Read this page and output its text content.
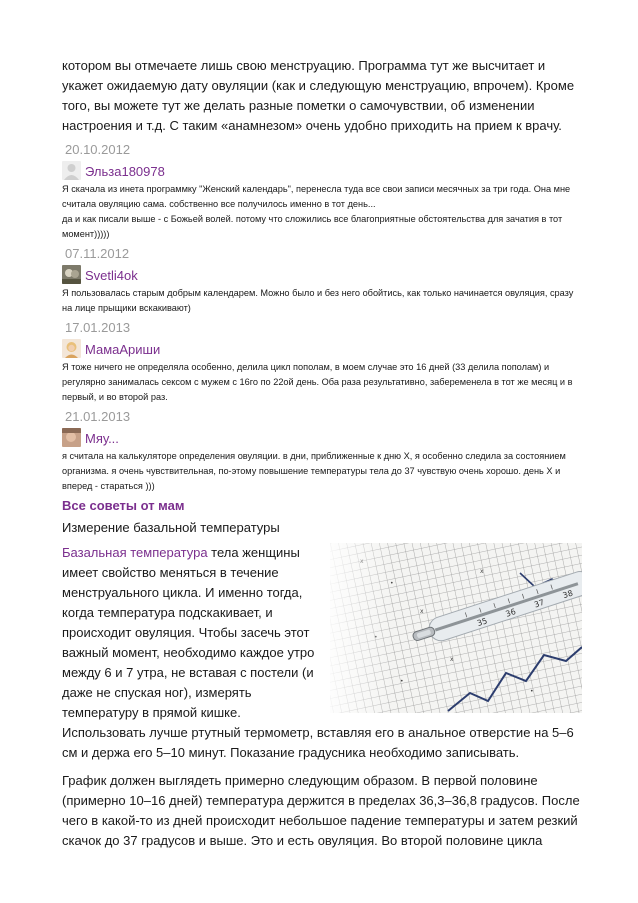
котором вы отмечаете лишь свою менструацию. Программа тут же высчитает и укажет ожидаемую дату овуляции (как и следующую менструацию, впрочем). Кроме того, вы можете тут же делать разные пометки о самочувствии, об изменении настроения и т.д. С таким «анамнезом» очень удобно приходить на прием к врачу.

20.10.2012
Эльза180978

Я скачала из инета программку "Женский календарь", перенесла туда все свои записи месячных за три года. Она мне считала овуляцию сама. собственно все получилось именно в тот день...

да и как писали выше - с Божьей волей. потому что сложились все благоприятные обстоятельства для зачатия в тот момент)))))

07.11.2012
Svetli4ok

Я пользовалась старым добрым календарем. Можно было и без него обойтись, как только начинается овуляция, сразу на лице прыщики вскакивают)

17.01.2013
МамаАриши

Я тоже ничего не определяла особенно, делила цикл пополам, в моем случае это 16 дней (33 делила пополам) и регулярно занималась сексом с мужем с 16го по 22ой день. Оба раза результативно, забеременела в тот же месяц и в первый, и во второй раз.

21.01.2013
Мяу...

я считала на калькуляторе определения овуляции. в дни, приближенные к дню Х, я особенно следила за состоянием организма. я очень чувствительная, по-этому повышение температуры тела до 37 чувствую очень хорошо. день Х и вперед - стараться )))

Все советы от мам
Измерение базальной температуры

Базальная температура тела женщины имеет свойство меняться в течение менструального цикла. И именно тогда, когда температура подскакивает, и происходит овуляция. Чтобы засечь этот важный момент, необходимо каждое утро между 6 и 7 утра, не вставая с постели (и даже не спуская ног), измерять температуру в прямой кишке. Использовать лучше ртутный термометр, вставляя его в анальное отверстие на 5–6 см и держа его 5–10 минут. Показание градусника необходимо записывать.

График должен выглядеть примерно следующим образом. В первой половине (примерно 10–16 дней) температура держится в пределах 36,3–36,8 градусов. После чего в какой-то из дней происходит небольшое падение температуры и затем резкий скачок до 37 градусов и выше. Это и есть овуляция. Во второй половине цикла
